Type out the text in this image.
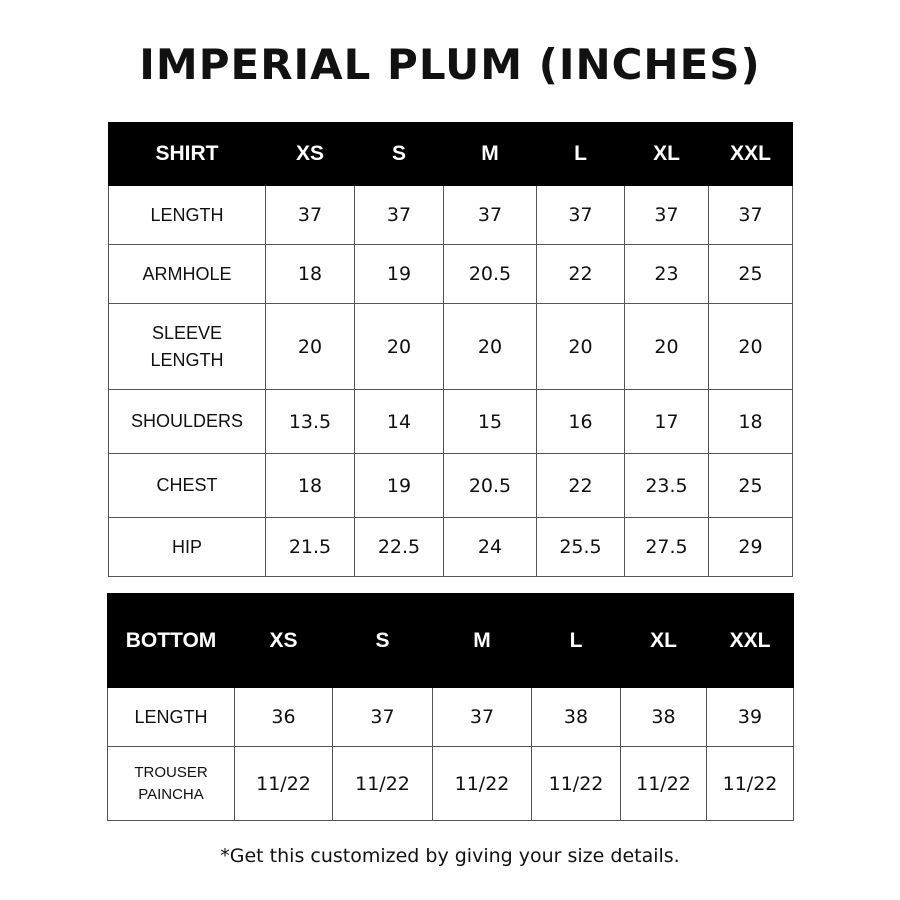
IMPERIAL PLUM (INCHES)
SHIRT	XS	S	M	L	XL	XXL
LENGTH	37	37	37	37	37	37
ARMHOLE	18	19	20.5	22	23	25
SLEEVE LENGTH	20	20	20	20	20	20
SHOULDERS	13.5	14	15	16	17	18
CHEST	18	19	20.5	22	23.5	25
HIP	21.5	22.5	24	25.5	27.5	29
BOTTOM	XS	S	M	L	XL	XXL
LENGTH	36	37	37	38	38	39
TROUSER PAINCHA	11/22	11/22	11/22	11/22	11/22	11/22

*Get this customized by giving your size details.
